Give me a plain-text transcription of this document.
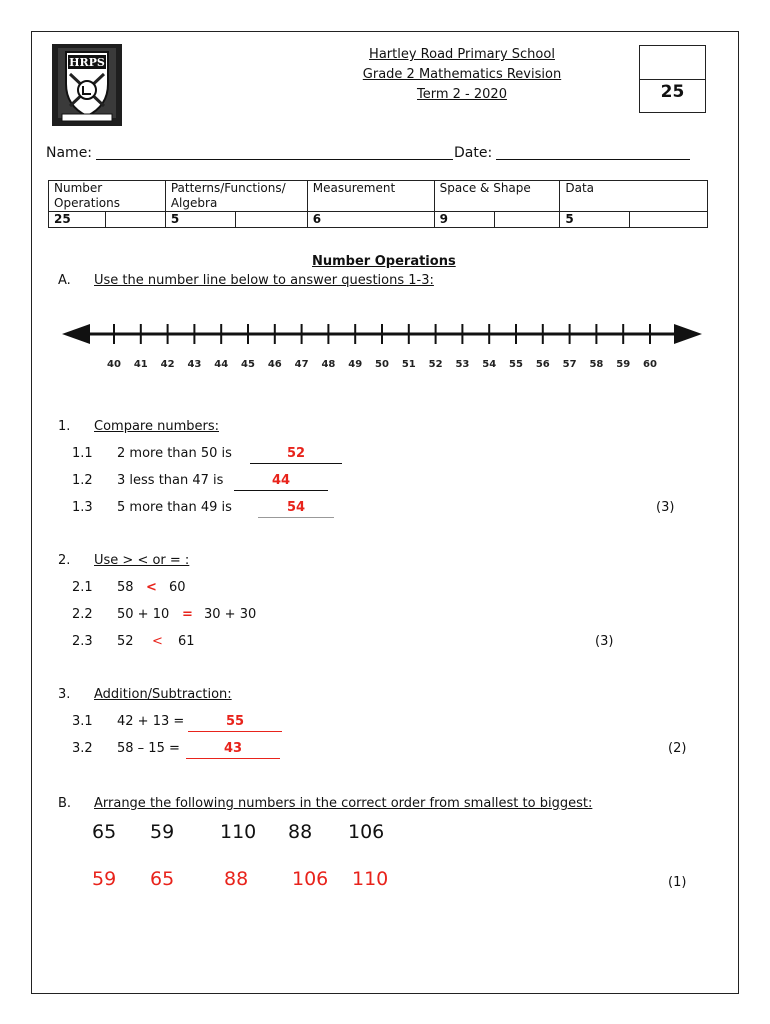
HRPS
Hartley Road Primary School
Grade 2 Mathematics Revision
Term 2 - 2020	25
Name:	Date:
Number Operations		Patterns/Functions/ Algebra		Measurement	Space & Shape		Data	
25		5		6	9		5	
Number Operations
A. Use the number line below to answer questions 1-3:
40 41 42 43 44 45 46 47 48 49 50 51 52 53 54 55 56 57 58 59 60
1. Compare numbers:
1.1 2 more than 50 is	52
1.2 3 less than 47 is	44
1.3 5 more than 49 is	54	(3)
2. Use > < or = :
2.1 58 < 60
2.2 50 + 10 = 30 + 30
2.3 52 < 61	(3)
3. Addition/Subtraction:
3.1 42 + 13 =	55
3.2 58 – 15 =	43	(2)
B. Arrange the following numbers in the correct order from smallest to biggest:
65 59 110 88 106
59 65	88 106 110	(1)
